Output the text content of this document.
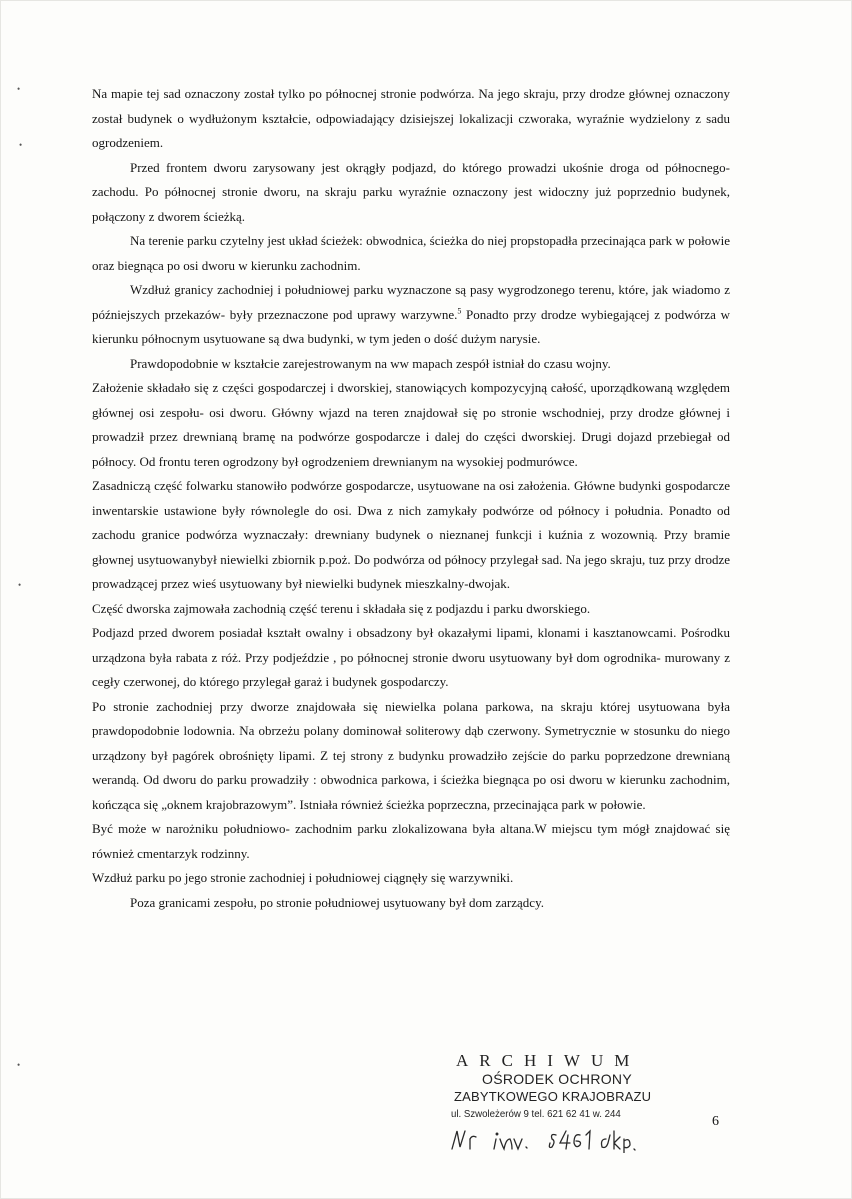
•
•
•
•

Na mapie tej sad oznaczony został tylko po północnej stronie podwórza. Na jego skraju, przy drodze głównej oznaczony został budynek o wydłużonym kształcie, odpowiadający dzisiejszej lokalizacji czworaka, wyraźnie wydzielony z sadu ogrodzeniem.

Przed frontem dworu zarysowany jest okrągły podjazd, do którego prowadzi ukośnie droga od północnego-zachodu. Po północnej stronie dworu, na skraju parku wyraźnie oznaczony jest widoczny już poprzednio budynek, połączony z dworem ścieżką.

Na terenie parku czytelny jest układ ścieżek: obwodnica, ścieżka do niej propstopadła przecinająca park w połowie oraz biegnąca po osi dworu w kierunku zachodnim.

Wzdłuż granicy zachodniej i południowej parku wyznaczone są pasy wygrodzonego terenu, które, jak wiadomo z późniejszych przekazów- były przeznaczone pod uprawy warzywne.$^5$ Ponadto przy drodze wybiegającej z podwórza w kierunku północnym usytuowane są dwa budynki, w tym jeden o dość dużym narysie.

Prawdopodobnie w kształcie zarejestrowanym na ww mapach zespół istniał do czasu wojny.

Założenie składało się z części gospodarczej i dworskiej, stanowiących kompozycyjną całość, uporządkowaną względem głównej osi zespołu- osi dworu. Główny wjazd na teren znajdował się po stronie wschodniej, przy drodze głównej i prowadził przez drewnianą bramę na podwórze gospodarcze i dalej do części dworskiej. Drugi dojazd przebiegał od północy. Od frontu teren ogrodzony był ogrodzeniem drewnianym na wysokiej podmurówce.

Zasadniczą część folwarku stanowiło podwórze gospodarcze, usytuowane na osi założenia. Główne budynki gospodarcze inwentarskie ustawione były równolegle do osi. Dwa z nich zamykały podwórze od północy i południa. Ponadto od zachodu granice podwórza wyznaczały: drewniany budynek o nieznanej funkcji i kuźnia z wozownią. Przy bramie głownej usytuowanybył niewielki zbiornik p.poż. Do podwórza od północy przylegał sad. Na jego skraju, tuz przy drodze prowadzącej przez wieś usytuowany był niewielki budynek mieszkalny-dwojak.

Część dworska zajmowała zachodnią część terenu i składała się z podjazdu i parku dworskiego.

Podjazd przed dworem posiadał kształt owalny i obsadzony był okazałymi lipami, klonami i kasztanowcami. Pośrodku urządzona była rabata z róż. Przy podjeździe , po północnej stronie dworu usytuowany był dom ogrodnika- murowany z cegły czerwonej, do którego przylegał garaż i budynek gospodarczy.

Po stronie zachodniej przy dworze znajdowała się niewielka polana parkowa, na skraju której usytuowana była prawdopodobnie lodownia. Na obrzeżu polany dominował soliterowy dąb czerwony. Symetrycznie w stosunku do niego urządzony był pagórek obrośnięty lipami. Z tej strony z budynku prowadziło zejście do parku poprzedzone drewnianą werandą. Od dworu do parku prowadziły : obwodnica parkowa, i ścieżka biegnąca po osi dworu w kierunku zachodnim, kończąca się „oknem krajobrazowym”. Istniała również ścieżka poprzeczna, przecinająca park w połowie.

Być może w narożniku południowo- zachodnim parku zlokalizowana była altana.W miejscu tym mógł znajdować się również cmentarzyk rodzinny.

Wzdłuż parku po jego stronie zachodniej i południowej ciągnęły się warzywniki.

Poza granicami zespołu, po stronie południowej usytuowany był dom zarządcy.

ARCHIWUM
OŚRODEK OCHRONY
ZABYTKOWEGO KRAJOBRAZU
ul. Szwoleżerów 9 tel. 621 62 41 w. 244	6
